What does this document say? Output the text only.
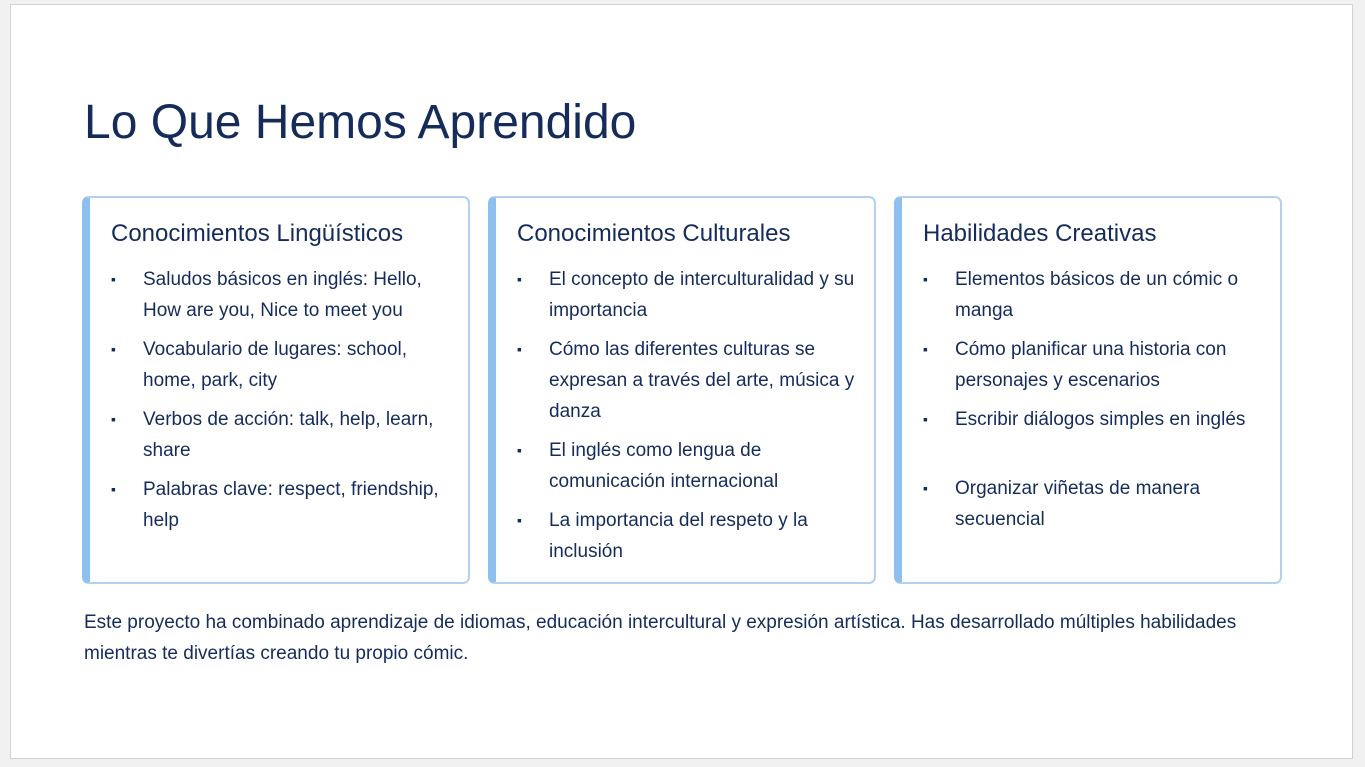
Lo Que Hemos Aprendido
Conocimientos Lingüísticos
▪ Saludos básicos en inglés: Hello, How are you, Nice to meet you
▪ Vocabulario de lugares: school, home, park, city
▪ Verbos de acción: talk, help, learn, share
▪ Palabras clave: respect, friendship, help
Conocimientos Culturales
▪ El concepto de interculturalidad y su importancia
▪ Cómo las diferentes culturas se expresan a través del arte, música y danza
▪ El inglés como lengua de comunicación internacional
▪ La importancia del respeto y la inclusión
Habilidades Creativas
▪ Elementos básicos de un cómic o manga
▪ Cómo planificar una historia con personajes y escenarios
▪ Escribir diálogos simples en inglés
▪ Organizar viñetas de manera secuencial

Este proyecto ha combinado aprendizaje de idiomas, educación intercultural y expresión artística. Has desarrollado múltiples habilidades mientras te divertías creando tu propio cómic.
